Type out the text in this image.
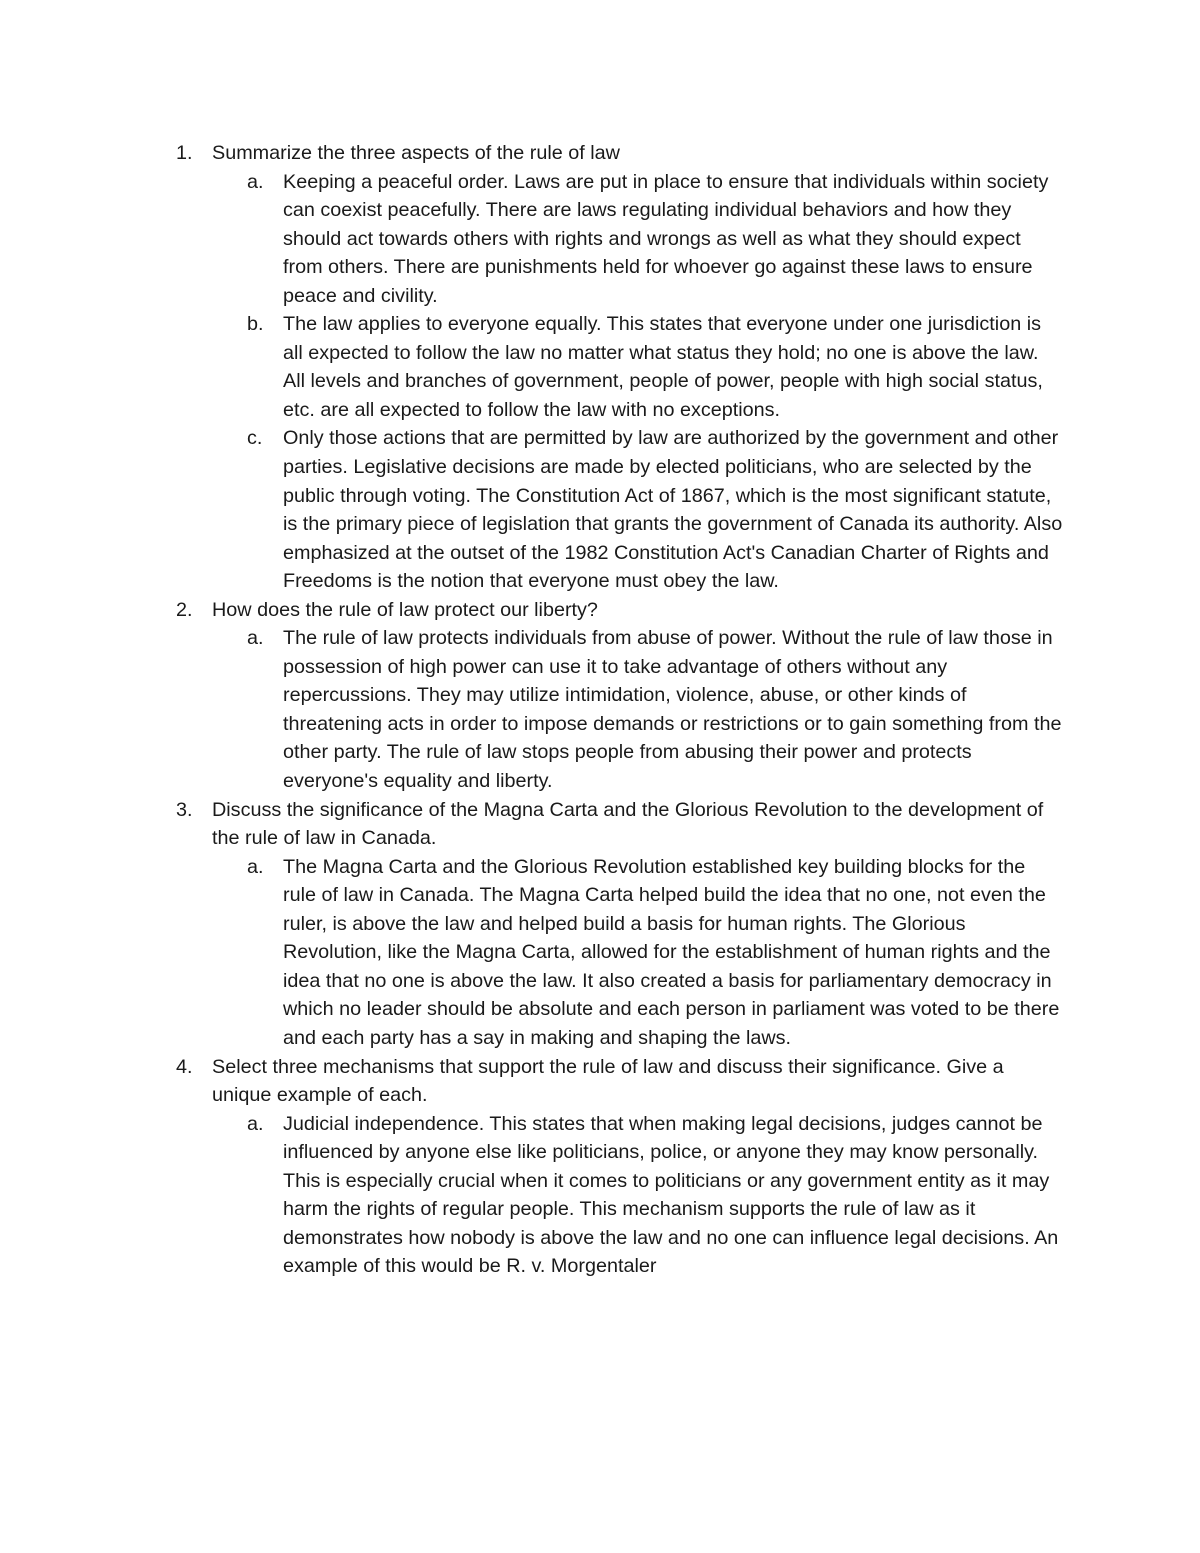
1. Summarize the three aspects of the rule of law
a. Keeping a peaceful order. Laws are put in place to ensure that individuals within society can coexist peacefully. There are laws regulating individual behaviors and how they should act towards others with rights and wrongs as well as what they should expect from others. There are punishments held for whoever go against these laws to ensure peace and civility.
b. The law applies to everyone equally. This states that everyone under one jurisdiction is all expected to follow the law no matter what status they hold; no one is above the law. All levels and branches of government, people of power, people with high social status, etc. are all expected to follow the law with no exceptions.
c. Only those actions that are permitted by law are authorized by the government and other parties. Legislative decisions are made by elected politicians, who are selected by the public through voting. The Constitution Act of 1867, which is the most significant statute, is the primary piece of legislation that grants the government of Canada its authority. Also emphasized at the outset of the 1982 Constitution Act's Canadian Charter of Rights and Freedoms is the notion that everyone must obey the law.
2. How does the rule of law protect our liberty?
a. The rule of law protects individuals from abuse of power. Without the rule of law those in possession of high power can use it to take advantage of others without any repercussions. They may utilize intimidation, violence, abuse, or other kinds of threatening acts in order to impose demands or restrictions or to gain something from the other party. The rule of law stops people from abusing their power and protects everyone's equality and liberty.
3. Discuss the significance of the Magna Carta and the Glorious Revolution to the development of the rule of law in Canada.
a. The Magna Carta and the Glorious Revolution established key building blocks for the rule of law in Canada. The Magna Carta helped build the idea that no one, not even the ruler, is above the law and helped build a basis for human rights. The Glorious Revolution, like the Magna Carta, allowed for the establishment of human rights and the idea that no one is above the law. It also created a basis for parliamentary democracy in which no leader should be absolute and each person in parliament was voted to be there and each party has a say in making and shaping the laws.
4. Select three mechanisms that support the rule of law and discuss their significance. Give a unique example of each.
a. Judicial independence. This states that when making legal decisions, judges cannot be influenced by anyone else like politicians, police, or anyone they may know personally. This is especially crucial when it comes to politicians or any government entity as it may harm the rights of regular people. This mechanism supports the rule of law as it demonstrates how nobody is above the law and no one can influence legal decisions. An example of this would be R. v. Morgentaler
